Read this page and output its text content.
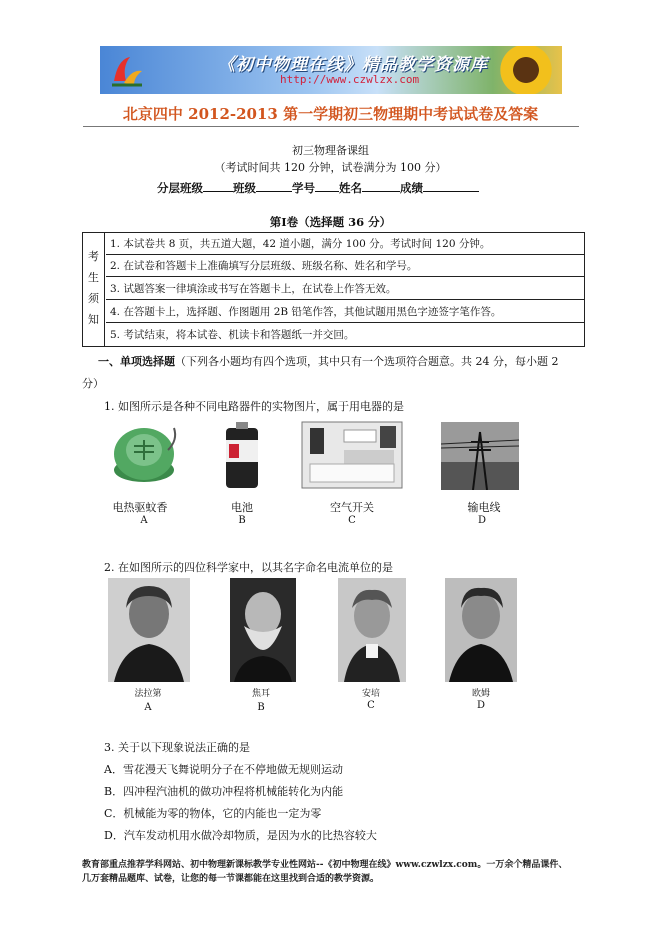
《初中物理在线》精品教学资源库
http://www.czwlzx.com
北京四中 2012-2013 第一学期初三物理期中考试试卷及答案
初三物理备课组
（考试时间共 120 分钟，试卷满分为 100 分）
分层班级	班级	学号 姓名	成绩
第Ⅰ卷（选择题 36 分）
考
生
须
知
1. 本试卷共 8 页，共五道大题，42 道小题，满分 100 分。考试时间 120 分钟。
2. 在试卷和答题卡上准确填写分层班级、班级名称、姓名和学号。
3. 试题答案一律填涂或书写在答题卡上，在试卷上作答无效。
4. 在答题卡上，选择题、作图题用 2B 铅笔作答，其他试题用黑色字迹签字笔作答。
5. 考试结束，将本试卷、机读卡和答题纸一并交回。
一、单项选择题（下列各小题均有四个选项，其中只有一个选项符合题意。共 24 分，每小题 2
分）
1. 如图所示是各种不同电路器件的实物图片，属于用电器的是
电热驱蚊香	电池	空气开关	输电线
A	B	C	D
2. 在如图所示的四位科学家中，以其名字命名电流单位的是
法拉第	焦耳	安培	欧姆
A	B	C	D
3. 关于以下现象说法正确的是
A．雪花漫天飞舞说明分子在不停地做无规则运动
B．四冲程汽油机的做功冲程将机械能转化为内能
C．机械能为零的物体，它的内能也一定为零
D．汽车发动机用水做冷却物质，是因为水的比热容较大
教育部重点推荐学科网站、初中物理新课标教学专业性网站--《初中物理在线》www.czwlzx.com。一万余个精品课件、
几万套精品题库、试卷，让您的每一节课都能在这里找到合适的教学资源。
